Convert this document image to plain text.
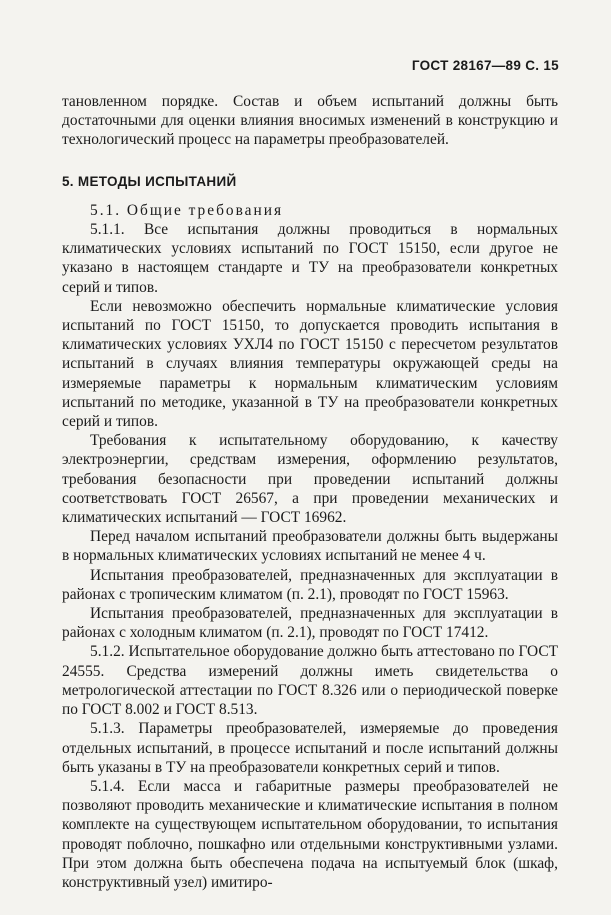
ГОСТ 28167—89 С. 15

тановленном порядке. Состав и объем испытаний должны быть достаточными для оценки влияния вносимых изменений в конструкцию и технологический процесс на параметры преобразователей.

5. МЕТОДЫ ИСПЫТАНИЙ

5.1. Общие требования

5.1.1. Все испытания должны проводиться в нормальных климатических условиях испытаний по ГОСТ 15150, если другое не указано в настоящем стандарте и ТУ на преобразователи конкретных серий и типов.

Если невозможно обеспечить нормальные климатические условия испытаний по ГОСТ 15150, то допускается проводить испытания в климатических условиях УХЛ4 по ГОСТ 15150 с пересчетом результатов испытаний в случаях влияния температуры окружающей среды на измеряемые параметры к нормальным климатическим условиям испытаний по методике, указанной в ТУ на преобразователи конкретных серий и типов.

Требования к испытательному оборудованию, к качеству электроэнергии, средствам измерения, оформлению результатов, требования безопасности при проведении испытаний должны соответствовать ГОСТ 26567, а при проведении механических и климатических испытаний — ГОСТ 16962.

Перед началом испытаний преобразователи должны быть выдержаны в нормальных климатических условиях испытаний не менее 4 ч.

Испытания преобразователей, предназначенных для эксплуатации в районах с тропическим климатом (п. 2.1), проводят по ГОСТ 15963.

Испытания преобразователей, предназначенных для эксплуатации в районах с холодным климатом (п. 2.1), проводят по ГОСТ 17412.

5.1.2. Испытательное оборудование должно быть аттестовано по ГОСТ 24555. Средства измерений должны иметь свидетельства о метрологической аттестации по ГОСТ 8.326 или о периодической поверке по ГОСТ 8.002 и ГОСТ 8.513.

5.1.3. Параметры преобразователей, измеряемые до проведения отдельных испытаний, в процессе испытаний и после испытаний должны быть указаны в ТУ на преобразователи конкретных серий и типов.

5.1.4. Если масса и габаритные размеры преобразователей не позволяют проводить механические и климатические испытания в полном комплекте на существующем испытательном оборудовании, то испытания проводят поблочно, пошкафно или отдельными конструктивными узлами. При этом должна быть обеспечена подача на испытуемый блок (шкаф, конструктивный узел) имитиро-
